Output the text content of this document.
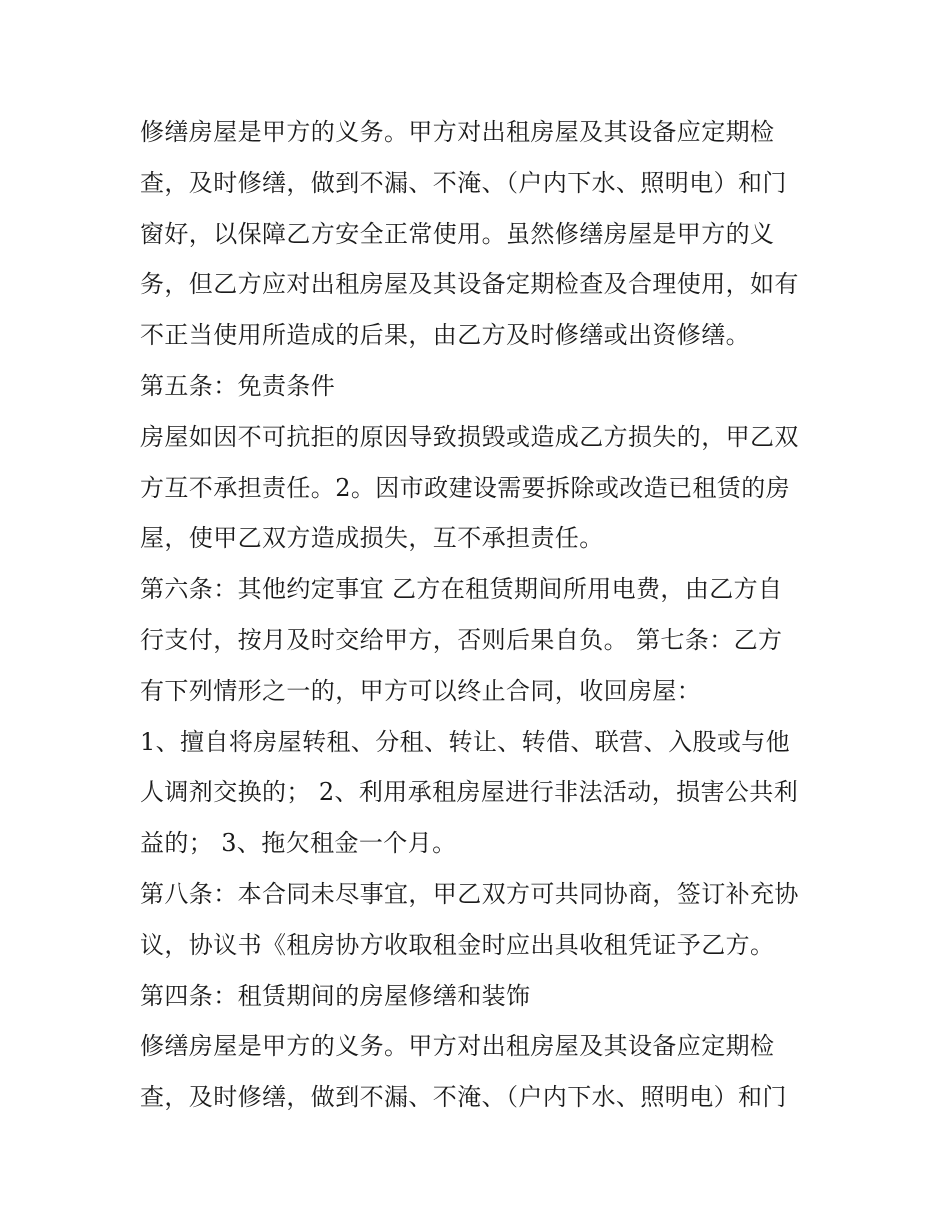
修缮房屋是甲方的义务。甲方对出租房屋及其设备应定期检
查，及时修缮，做到不漏、不淹、（户内下水、照明电）和门
窗好，以保障乙方安全正常使用。虽然修缮房屋是甲方的义
务，但乙方应对出租房屋及其设备定期检查及合理使用，如有
不正当使用所造成的后果，由乙方及时修缮或出资修缮。
第五条：免责条件
房屋如因不可抗拒的原因导致损毁或造成乙方损失的，甲乙双
方互不承担责任。2。因市政建设需要拆除或改造已租赁的房
屋，使甲乙双方造成损失，互不承担责任。
第六条：其他约定事宜 乙方在租赁期间所用电费，由乙方自
行支付，按月及时交给甲方，否则后果自负。 第七条：乙方
有下列情形之一的，甲方可以终止合同，收回房屋：
1、擅自将房屋转租、分租、转让、转借、联营、入股或与他
人调剂交换的； 2、利用承租房屋进行非法活动，损害公共利
益的； 3、拖欠租金一个月。
第八条：本合同未尽事宜，甲乙双方可共同协商，签订补充协
议，协议书《租房协方收取租金时应出具收租凭证予乙方。
第四条：租赁期间的房屋修缮和装饰
修缮房屋是甲方的义务。甲方对出租房屋及其设备应定期检
查，及时修缮，做到不漏、不淹、（户内下水、照明电）和门
